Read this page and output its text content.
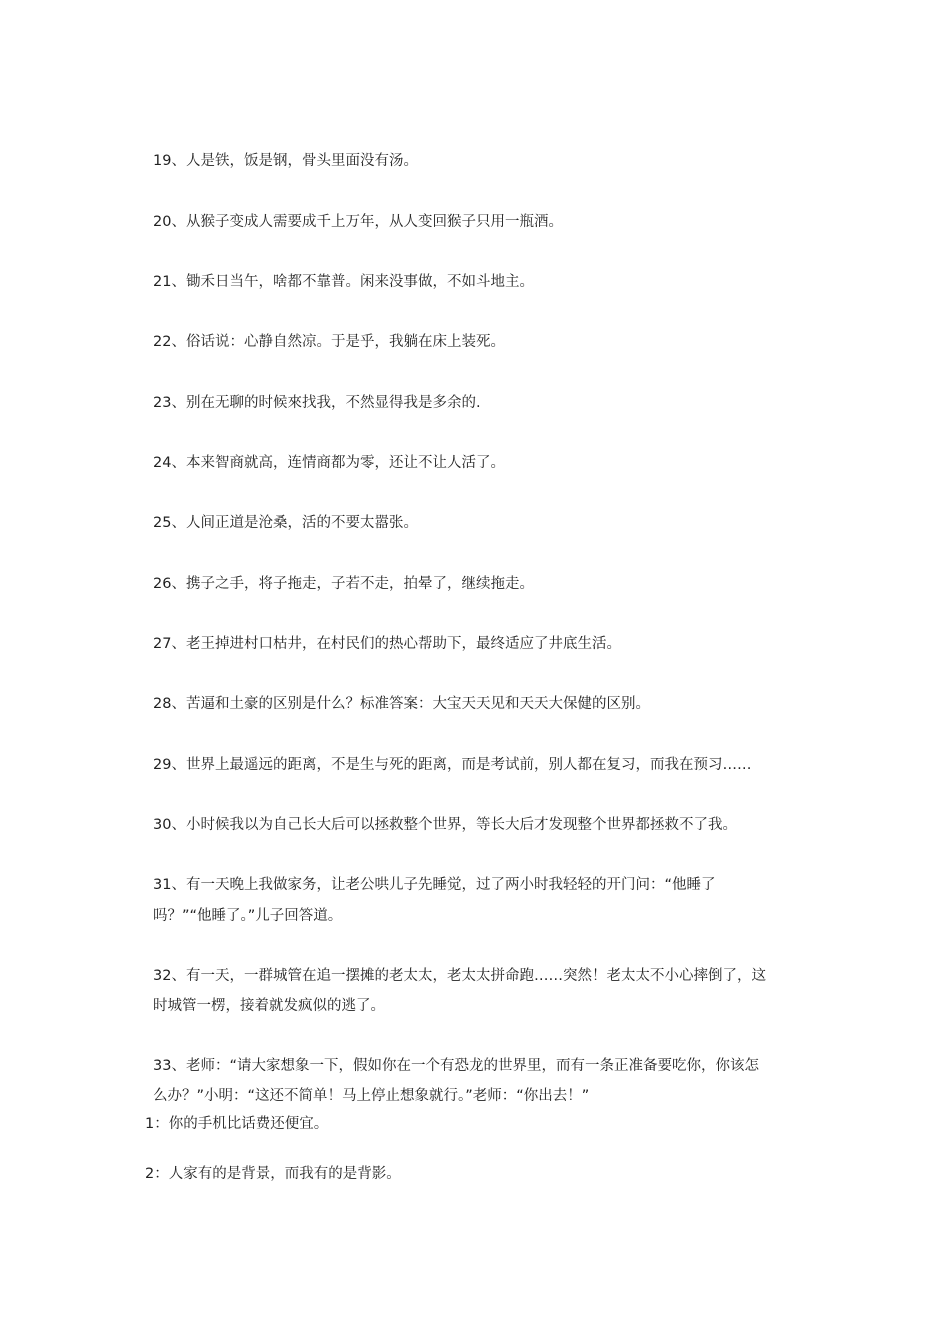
19、人是铁，饭是钢，骨头里面没有汤。

20、从猴子变成人需要成千上万年，从人变回猴子只用一瓶酒。

21、锄禾日当午，啥都不靠普。闲来没事做，不如斗地主。

22、俗话说：心静自然凉。于是乎，我躺在床上装死。

23、别在无聊的时候來找我，不然显得我是多余的.

24、本来智商就高，连情商都为零，还让不让人活了。

25、人间正道是沧桑，活的不要太嚣张。

26、携子之手，将子拖走，子若不走，拍晕了，继续拖走。

27、老王掉进村口枯井，在村民们的热心帮助下，最终适应了井底生活。

28、苦逼和土豪的区别是什么？标准答案：大宝天天见和天天大保健的区别。

29、世界上最遥远的距离，不是生与死的距离，而是考试前，别人都在复习，而我在预习……

30、小时候我以为自己长大后可以拯救整个世界，等长大后才发现整个世界都拯救不了我。

31、有一天晚上我做家务，让老公哄儿子先睡觉，过了两小时我轻轻的开门问：“他睡了

吗？”“他睡了。”儿子回答道。

32、有一天，一群城管在追一摆摊的老太太，老太太拼命跑……突然！老太太不小心摔倒了，这

时城管一楞，接着就发疯似的逃了。

33、老师：“请大家想象一下，假如你在一个有恐龙的世界里，而有一条正准备要吃你，你该怎

么办？”小明：“这还不简单！马上停止想象就行。”老师：“你出去！”

1：你的手机比话费还便宜。

2：人家有的是背景，而我有的是背影。
